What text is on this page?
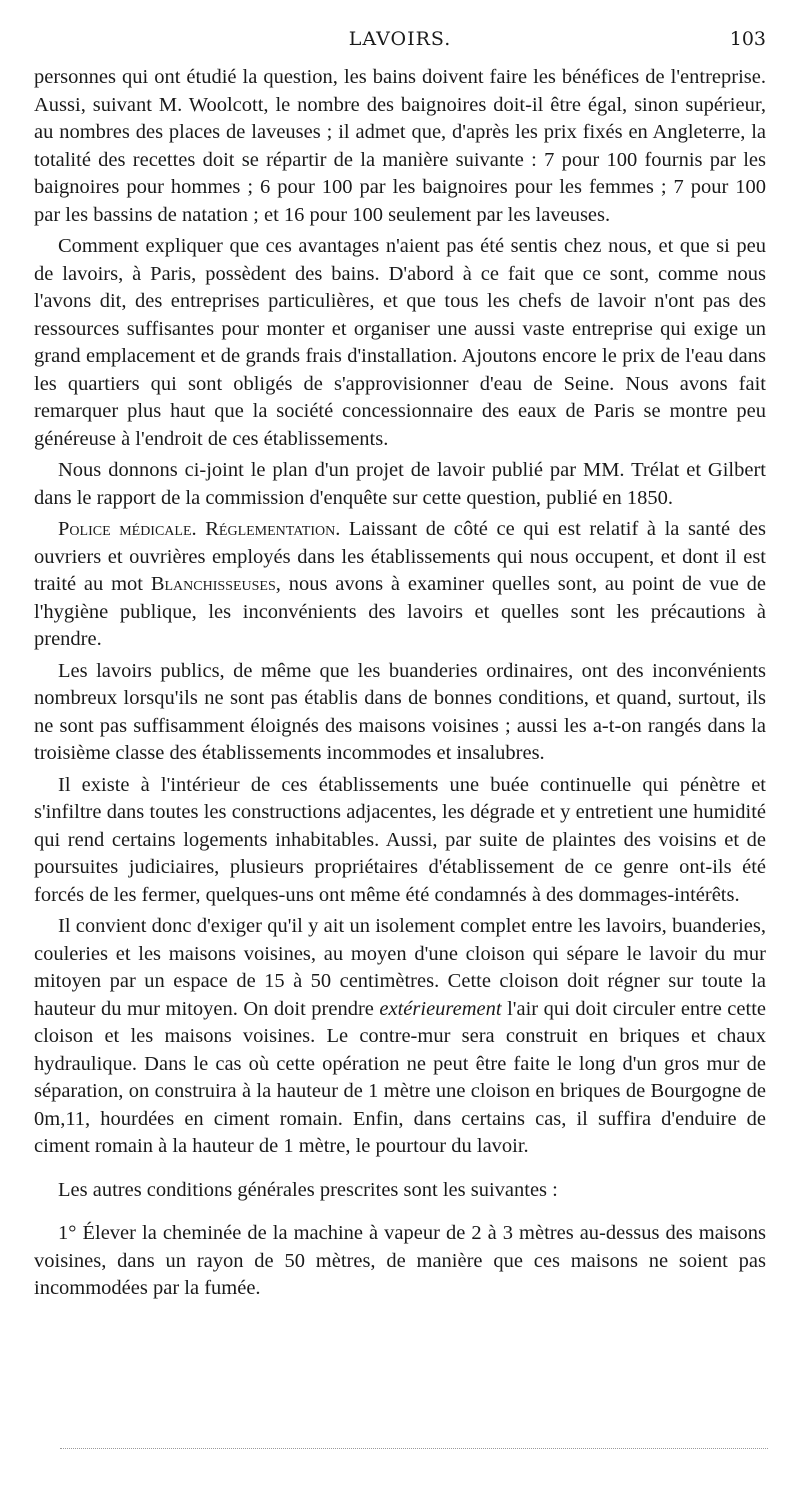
LAVOIRS.	103

personnes qui ont étudié la question, les bains doivent faire les bénéfices de l'entreprise. Aussi, suivant M. Woolcott, le nombre des baignoires doit-il être égal, sinon supérieur, au nombres des places de laveuses ; il admet que, d'après les prix fixés en Angleterre, la totalité des recettes doit se répartir de la manière suivante : 7 pour 100 fournis par les baignoires pour hommes ; 6 pour 100 par les baignoires pour les femmes ; 7 pour 100 par les bassins de natation ; et 16 pour 100 seulement par les laveuses.

Comment expliquer que ces avantages n'aient pas été sentis chez nous, et que si peu de lavoirs, à Paris, possèdent des bains. D'abord à ce fait que ce sont, comme nous l'avons dit, des entreprises particulières, et que tous les chefs de lavoir n'ont pas des ressources suffisantes pour monter et organiser une aussi vaste entreprise qui exige un grand emplacement et de grands frais d'installation. Ajoutons encore le prix de l'eau dans les quartiers qui sont obligés de s'approvisionner d'eau de Seine. Nous avons fait remarquer plus haut que la société concessionnaire des eaux de Paris se montre peu généreuse à l'endroit de ces établissements.

Nous donnons ci-joint le plan d'un projet de lavoir publié par MM. Trélat et Gilbert dans le rapport de la commission d'enquête sur cette question, publié en 1850.

Police médicale. Réglementation. Laissant de côté ce qui est relatif à la santé des ouvriers et ouvrières employés dans les établissements qui nous occupent, et dont il est traité au mot Blanchisseuses, nous avons à examiner quelles sont, au point de vue de l'hygiène publique, les inconvénients des lavoirs et quelles sont les précautions à prendre.

Les lavoirs publics, de même que les buanderies ordinaires, ont des inconvénients nombreux lorsqu'ils ne sont pas établis dans de bonnes conditions, et quand, surtout, ils ne sont pas suffisamment éloignés des maisons voisines ; aussi les a-t-on rangés dans la troisième classe des établissements incommodes et insalubres.

Il existe à l'intérieur de ces établissements une buée continuelle qui pénètre et s'infiltre dans toutes les constructions adjacentes, les dégrade et y entretient une humidité qui rend certains logements inhabitables. Aussi, par suite de plaintes des voisins et de poursuites judiciaires, plusieurs propriétaires d'établissement de ce genre ont-ils été forcés de les fermer, quelques-uns ont même été condamnés à des dommages-intérêts.

Il convient donc d'exiger qu'il y ait un isolement complet entre les lavoirs, buanderies, couleries et les maisons voisines, au moyen d'une cloison qui sépare le lavoir du mur mitoyen par un espace de 15 à 50 centimètres. Cette cloison doit régner sur toute la hauteur du mur mitoyen. On doit prendre extérieurement l'air qui doit circuler entre cette cloison et les maisons voisines. Le contre-mur sera construit en briques et chaux hydraulique. Dans le cas où cette opération ne peut être faite le long d'un gros mur de séparation, on construira à la hauteur de 1 mètre une cloison en briques de Bourgogne de 0m,11, hourdées en ciment romain. Enfin, dans certains cas, il suffira d'enduire de ciment romain à la hauteur de 1 mètre, le pourtour du lavoir.

Les autres conditions générales prescrites sont les suivantes :

1° Élever la cheminée de la machine à vapeur de 2 à 3 mètres au-dessus des maisons voisines, dans un rayon de 50 mètres, de manière que ces maisons ne soient pas incommodées par la fumée.
